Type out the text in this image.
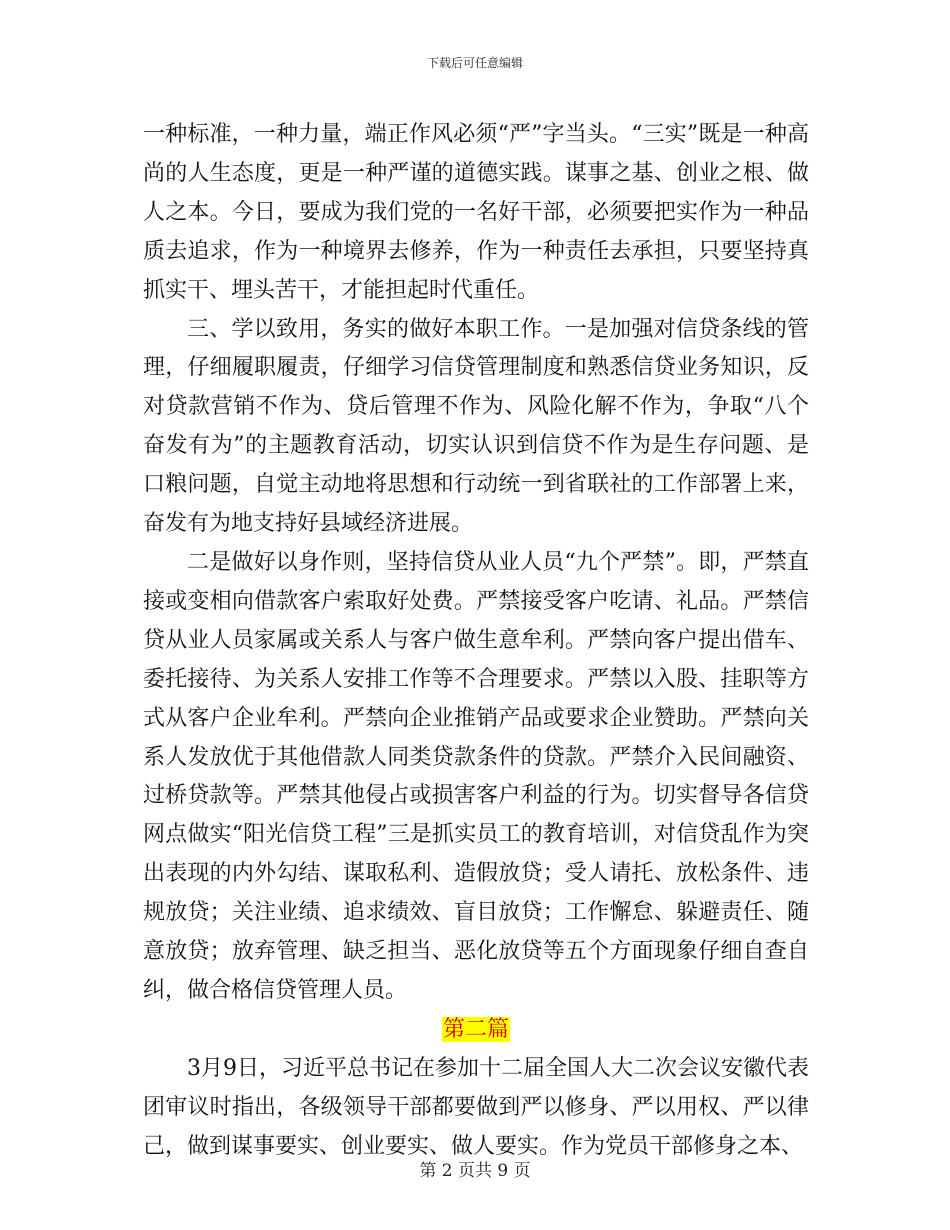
下载后可任意编辑

一种标准，一种力量，端正作风必须“严”字当头。“三实”既是一种高尚的人生态度，更是一种严谨的道德实践。谋事之基、创业之根、做人之本。今日，要成为我们党的一名好干部，必须要把实作为一种品质去追求，作为一种境界去修养，作为一种责任去承担，只要坚持真抓实干、埋头苦干，才能担起时代重任。

三、学以致用，务实的做好本职工作。一是加强对信贷条线的管理，仔细履职履责，仔细学习信贷管理制度和熟悉信贷业务知识，反对贷款营销不作为、贷后管理不作为、风险化解不作为，争取“八个奋发有为”的主题教育活动，切实认识到信贷不作为是生存问题、是口粮问题，自觉主动地将思想和行动统一到省联社的工作部署上来，奋发有为地支持好县域经济进展。

二是做好以身作则，坚持信贷从业人员“九个严禁”。即，严禁直接或变相向借款客户索取好处费。严禁接受客户吃请、礼品。严禁信贷从业人员家属或关系人与客户做生意牟利。严禁向客户提出借车、委托接待、为关系人安排工作等不合理要求。严禁以入股、挂职等方式从客户企业牟利。严禁向企业推销产品或要求企业赞助。严禁向关系人发放优于其他借款人同类贷款条件的贷款。严禁介入民间融资、过桥贷款等。严禁其他侵占或损害客户利益的行为。切实督导各信贷网点做实“阳光信贷工程”三是抓实员工的教育培训，对信贷乱作为突出表现的内外勾结、谋取私利、造假放贷；受人请托、放松条件、违规放贷；关注业绩、追求绩效、盲目放贷；工作懈怠、躲避责任、随意放贷；放弃管理、缺乏担当、恶化放贷等五个方面现象仔细自查自纠，做合格信贷管理人员。

第二篇

3月9日，习近平总书记在参加十二届全国人大二次会议安徽代表团审议时指出，各级领导干部都要做到严以修身、严以用权、严以律己，做到谋事要实、创业要实、做人要实。作为党员干部修身之本、

第 2 页共 9 页
